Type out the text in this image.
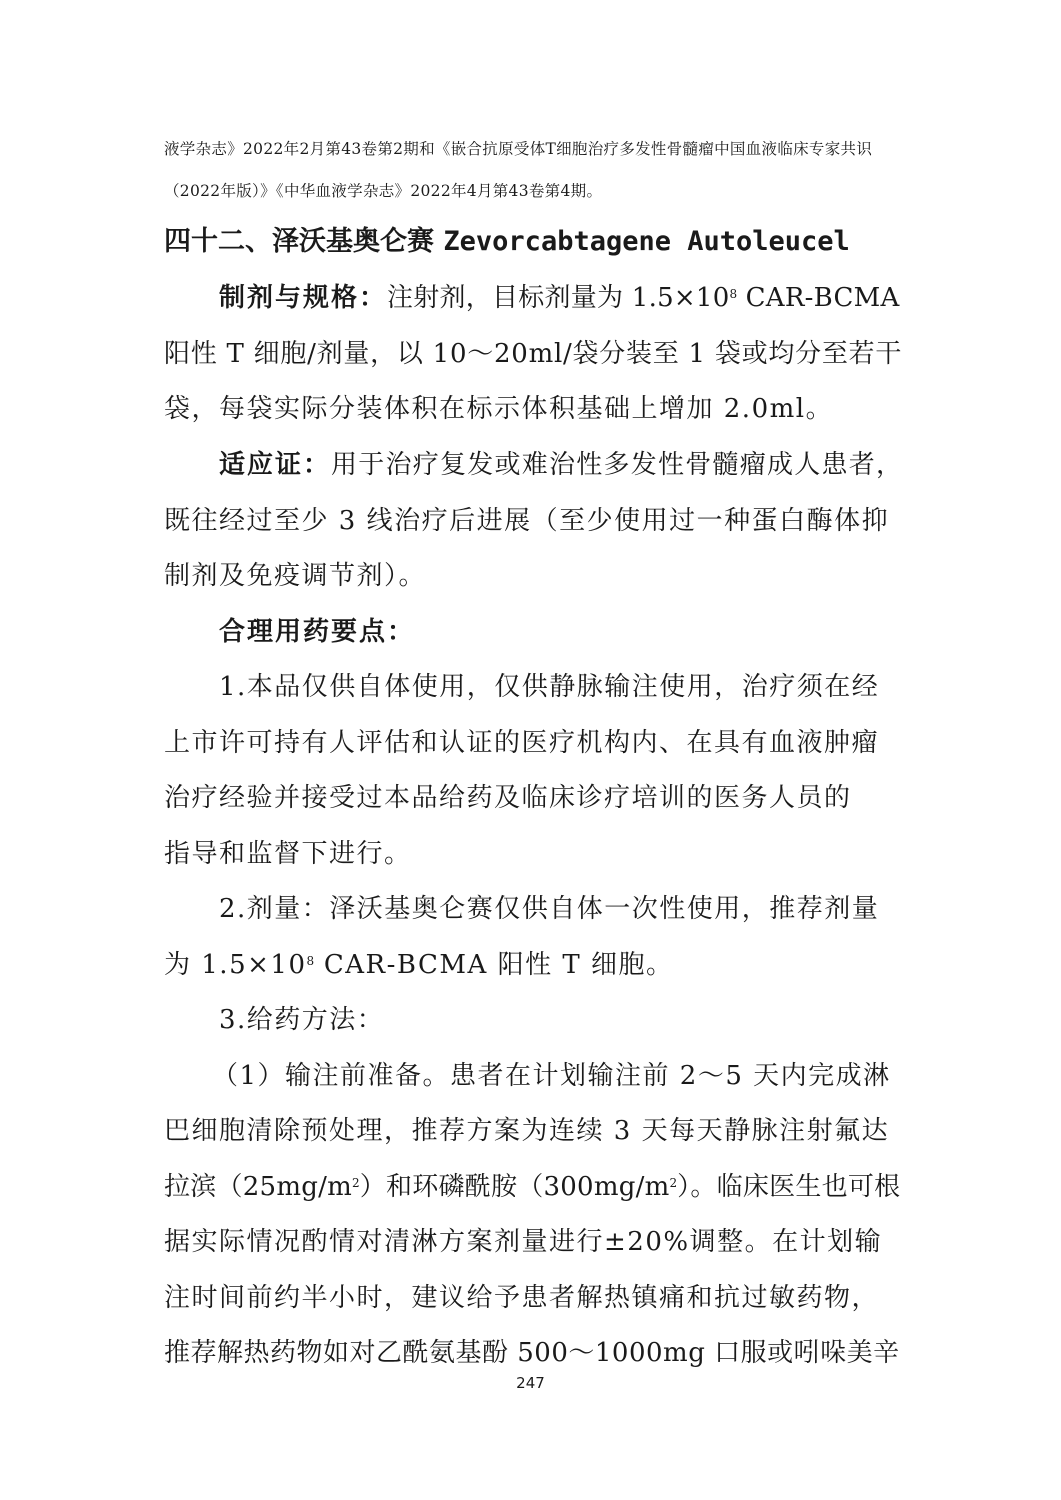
液学杂志》2022年2月第43卷第2期和《嵌合抗原受体T细胞治疗多发性骨髓瘤中国血液临床专家共识
（2022年版）》《中华血液学杂志》2022年4月第43卷第4期。
四十二、泽沃基奥仑赛 Zevorcabtagene Autoleucel
制剂与规格：注射剂，目标剂量为 $1.5\times 10^8$ CAR-BCMA
阳性 T 细胞/剂量，以 10～20ml/袋分装至 1 袋或均分至若干
袋，每袋实际分装体积在标示体积基础上增加 2.0ml。
适应证：用于治疗复发或难治性多发性骨髓瘤成人患者，
既往经过至少 3 线治疗后进展（至少使用过一种蛋白酶体抑
制剂及免疫调节剂）。
合理用药要点：
1.本品仅供自体使用，仅供静脉输注使用，治疗须在经
上市许可持有人评估和认证的医疗机构内、在具有血液肿瘤
治疗经验并接受过本品给药及临床诊疗培训的医务人员的
指导和监督下进行。
2.剂量：泽沃基奥仑赛仅供自体一次性使用，推荐剂量
为 $1.5\times 10^8$ CAR-BCMA 阳性 T 细胞。
3.给药方法：
（1）输注前准备。患者在计划输注前 2～5 天内完成淋
巴细胞清除预处理，推荐方案为连续 3 天每天静脉注射氟达
拉滨$(25mg/m^2)$和环磷酰胺$(300mg/m^2)$。临床医生也可根
据实际情况酌情对清淋方案剂量进行±20%调整。在计划输
注时间前约半小时，建议给予患者解热镇痛和抗过敏药物，
推荐解热药物如对乙酰氨基酚 500～1000mg 口服或吲哚美辛
247
